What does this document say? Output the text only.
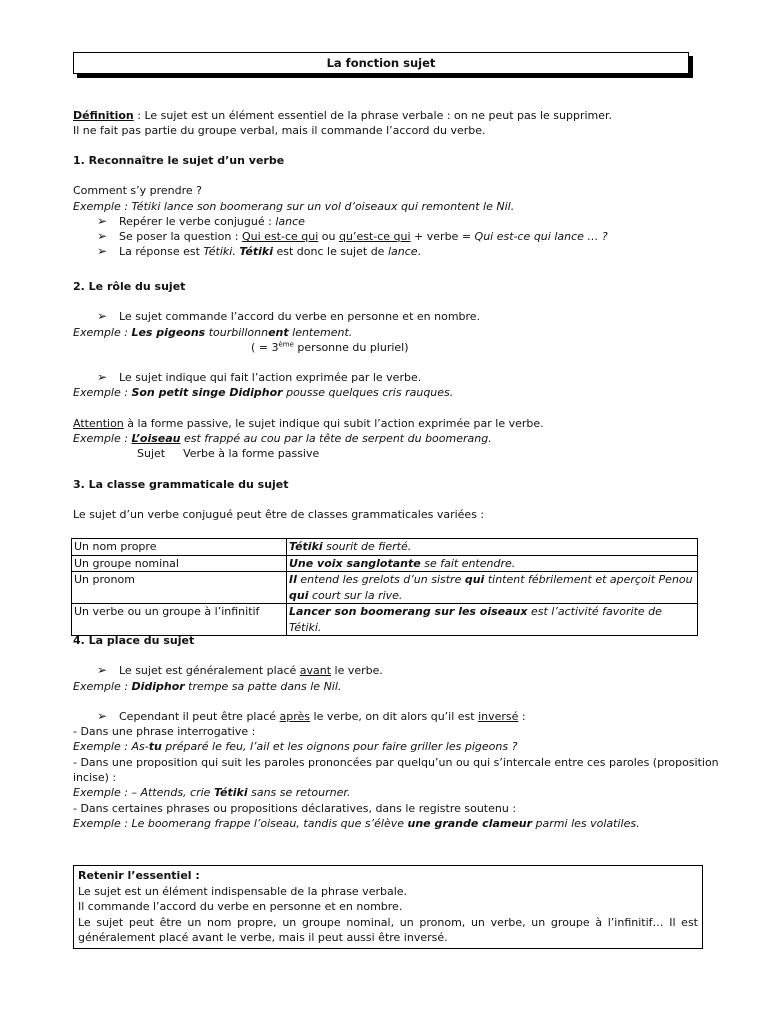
La fonction sujet
Définition : Le sujet est un élément essentiel de la phrase verbale : on ne peut pas le supprimer.
Il ne fait pas partie du groupe verbal, mais il commande l’accord du verbe.
1. Reconnaître le sujet d’un verbe
Comment s’y prendre ?
Exemple : Tétiki lance son boomerang sur un vol d’oiseaux qui remontent le Nil.
➢Repérer le verbe conjugué : lance
➢Se poser la question : Qui est-ce qui ou qu’est-ce qui + verbe = Qui est-ce qui lance … ?
➢La réponse est Tétiki. Tétiki est donc le sujet de lance.
2. Le rôle du sujet
➢Le sujet commande l’accord du verbe en personne et en nombre.
Exemple : Les pigeons tourbillonnent lentement.
( = 3ème personne du pluriel)
➢Le sujet indique qui fait l’action exprimée par le verbe.
Exemple : Son petit singe Didiphor pousse quelques cris rauques.
Attention à la forme passive, le sujet indique qui subit l’action exprimée par le verbe.
Exemple : L’oiseau est frappé au cou par la tête de serpent du boomerang.
Sujet Verbe à la forme passive
3. La classe grammaticale du sujet
Le sujet d’un verbe conjugué peut être de classes grammaticales variées :
Un nom propre	Tétiki sourit de fierté.
Un groupe nominal	Une voix sanglotante se fait entendre.
Un pronom	Il entend les grelots d’un sistre qui tintent fébrilement et aperçoit Penou
qui court sur la rive.
Un verbe ou un groupe à l’infinitif	Lancer son boomerang sur les oiseaux est l’activité favorite de Tétiki.
4. La place du sujet
➢Le sujet est généralement placé avant le verbe.
Exemple : Didiphor trempe sa patte dans le Nil.
➢Cependant il peut être placé après le verbe, on dit alors qu’il est inversé :
- Dans une phrase interrogative :
Exemple : As-tu préparé le feu, l’ail et les oignons pour faire griller les pigeons ?
- Dans une proposition qui suit les paroles prononcées par quelqu’un ou qui s’intercale entre ces paroles (proposition
incise) :
Exemple : – Attends, crie Tétiki sans se retourner.
- Dans certaines phrases ou propositions déclaratives, dans le registre soutenu :
Exemple : Le boomerang frappe l’oiseau, tandis que s’élève une grande clameur parmi les volatiles.
Retenir l’essentiel :
Le sujet est un élément indispensable de la phrase verbale.
Il commande l’accord du verbe en personne et en nombre.
Le sujet peut être un nom propre, un groupe nominal, un pronom, un verbe, un groupe à l’infinitif… Il est
généralement placé avant le verbe, mais il peut aussi être inversé.
